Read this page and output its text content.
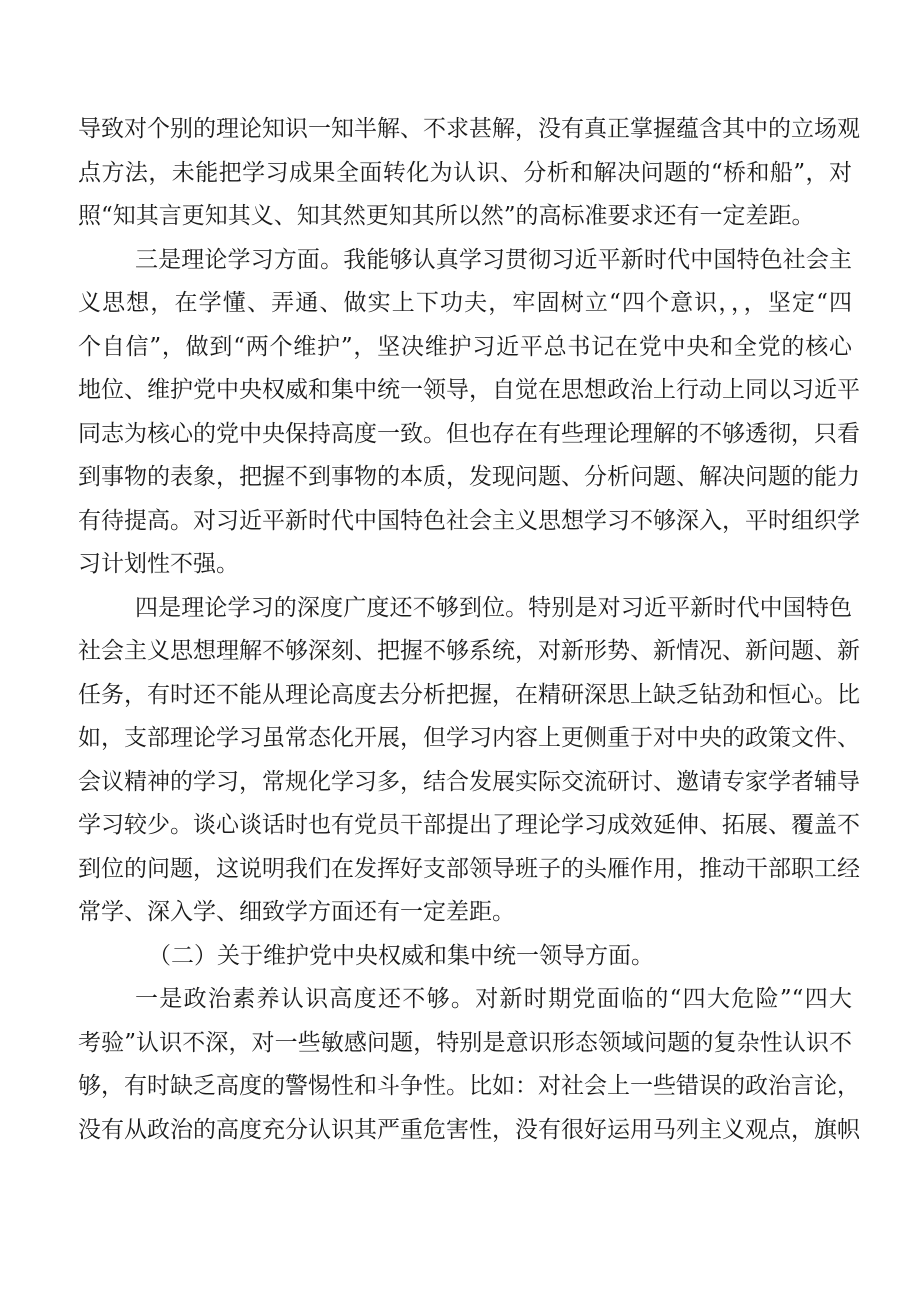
导致对个别的理论知识一知半解、不求甚解，没有真正掌握蕴含其中的立场观
点方法，未能把学习成果全面转化为认识、分析和解决问题的“桥和船”，对
照“知其言更知其义、知其然更知其所以然”的高标准要求还有一定差距。
三是理论学习方面。我能够认真学习贯彻习近平新时代中国特色社会主
义思想，在学懂、弄通、做实上下功夫，牢固树立“四个意识，，，坚定“四
个自信”，做到“两个维护”，坚决维护习近平总书记在党中央和全党的核心
地位、维护党中央权威和集中统一领导，自觉在思想政治上行动上同以习近平
同志为核心的党中央保持高度一致。但也存在有些理论理解的不够透彻，只看
到事物的表象，把握不到事物的本质，发现问题、分析问题、解决问题的能力
有待提高。对习近平新时代中国特色社会主义思想学习不够深入，平时组织学
习计划性不强。
四是理论学习的深度广度还不够到位。特别是对习近平新时代中国特色
社会主义思想理解不够深刻、把握不够系统，对新形势、新情况、新问题、新
任务，有时还不能从理论高度去分析把握，在精研深思上缺乏钻劲和恒心。比
如，支部理论学习虽常态化开展，但学习内容上更侧重于对中央的政策文件、
会议精神的学习，常规化学习多，结合发展实际交流研讨、邀请专家学者辅导
学习较少。谈心谈话时也有党员干部提出了理论学习成效延伸、拓展、覆盖不
到位的问题，这说明我们在发挥好支部领导班子的头雁作用，推动干部职工经
常学、深入学、细致学方面还有一定差距。
（二）关于维护党中央权威和集中统一领导方面。
一是政治素养认识高度还不够。对新时期党面临的“四大危险”“四大
考验”认识不深，对一些敏感问题，特别是意识形态领域问题的复杂性认识不
够，有时缺乏高度的警惕性和斗争性。比如：对社会上一些错误的政治言论，
没有从政治的高度充分认识其严重危害性，没有很好运用马列主义观点，旗帜
